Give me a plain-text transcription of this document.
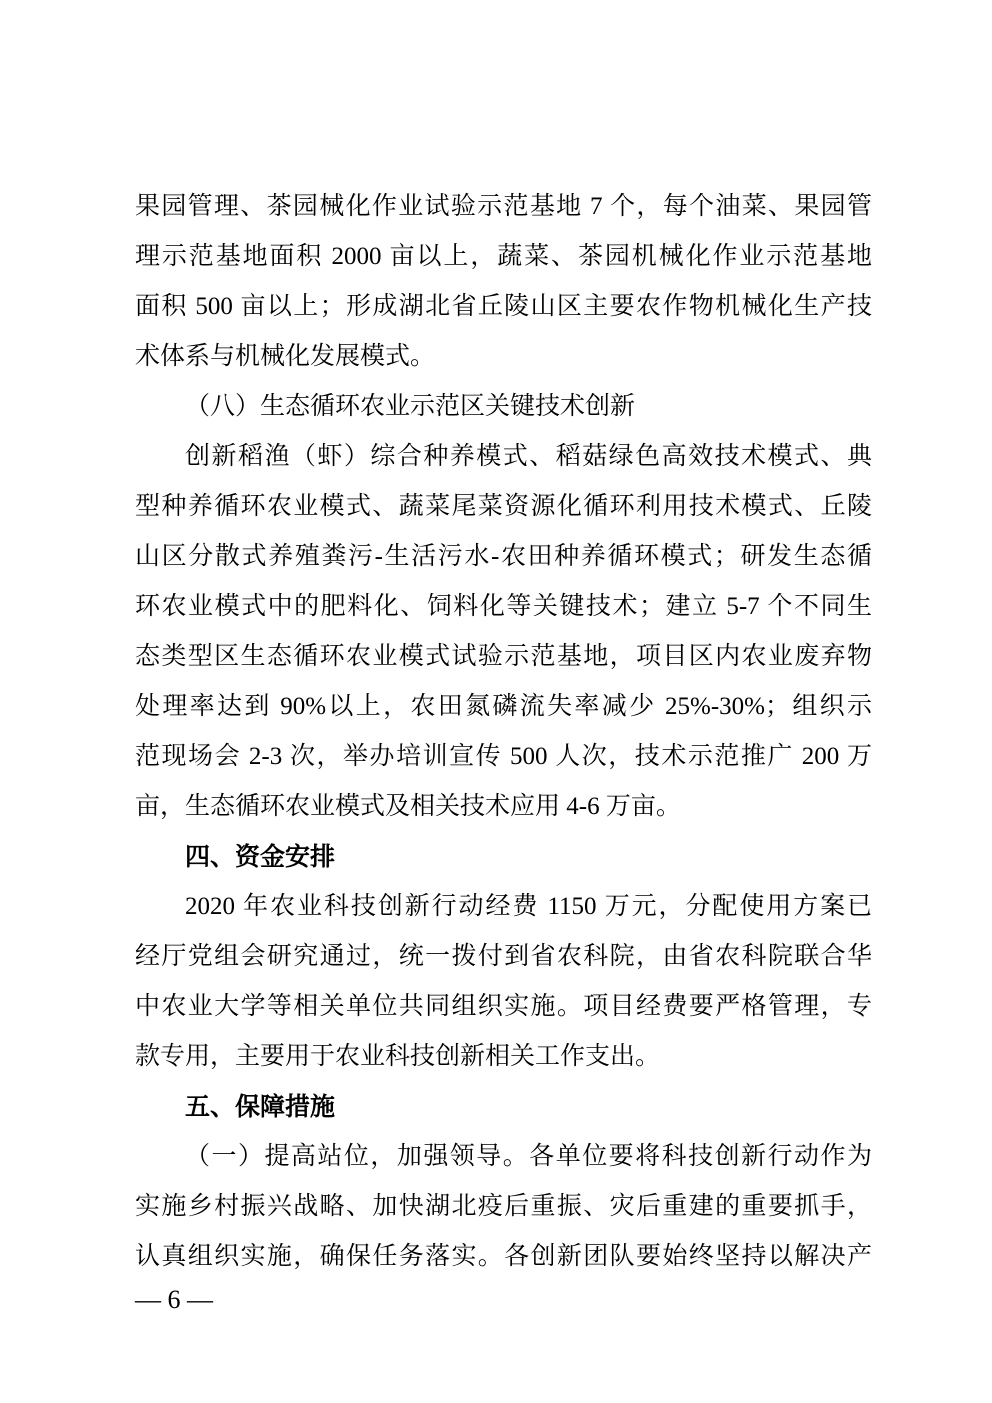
果园管理、茶园械化作业试验示范基地 7 个，每个油菜、果园管
理示范基地面积 2000 亩以上，蔬菜、茶园机械化作业示范基地
面积 500 亩以上；形成湖北省丘陵山区主要农作物机械化生产技
术体系与机械化发展模式。
（八）生态循环农业示范区关键技术创新
创新稻渔（虾）综合种养模式、稻菇绿色高效技术模式、典
型种养循环农业模式、蔬菜尾菜资源化循环利用技术模式、丘陵
山区分散式养殖粪污-生活污水-农田种养循环模式；研发生态循
环农业模式中的肥料化、饲料化等关键技术；建立 5-7 个不同生
态类型区生态循环农业模式试验示范基地，项目区内农业废弃物
处理率达到 90%以上，农田氮磷流失率减少 25%-30%；组织示
范现场会 2-3 次，举办培训宣传 500 人次，技术示范推广 200 万
亩，生态循环农业模式及相关技术应用 4-6 万亩。
四、资金安排
2020 年农业科技创新行动经费 1150 万元，分配使用方案已
经厅党组会研究通过，统一拨付到省农科院，由省农科院联合华
中农业大学等相关单位共同组织实施。项目经费要严格管理，专
款专用，主要用于农业科技创新相关工作支出。
五、保障措施
（一）提高站位，加强领导。各单位要将科技创新行动作为
实施乡村振兴战略、加快湖北疫后重振、灾后重建的重要抓手，
认真组织实施，确保任务落实。各创新团队要始终坚持以解决产
— 6 —
